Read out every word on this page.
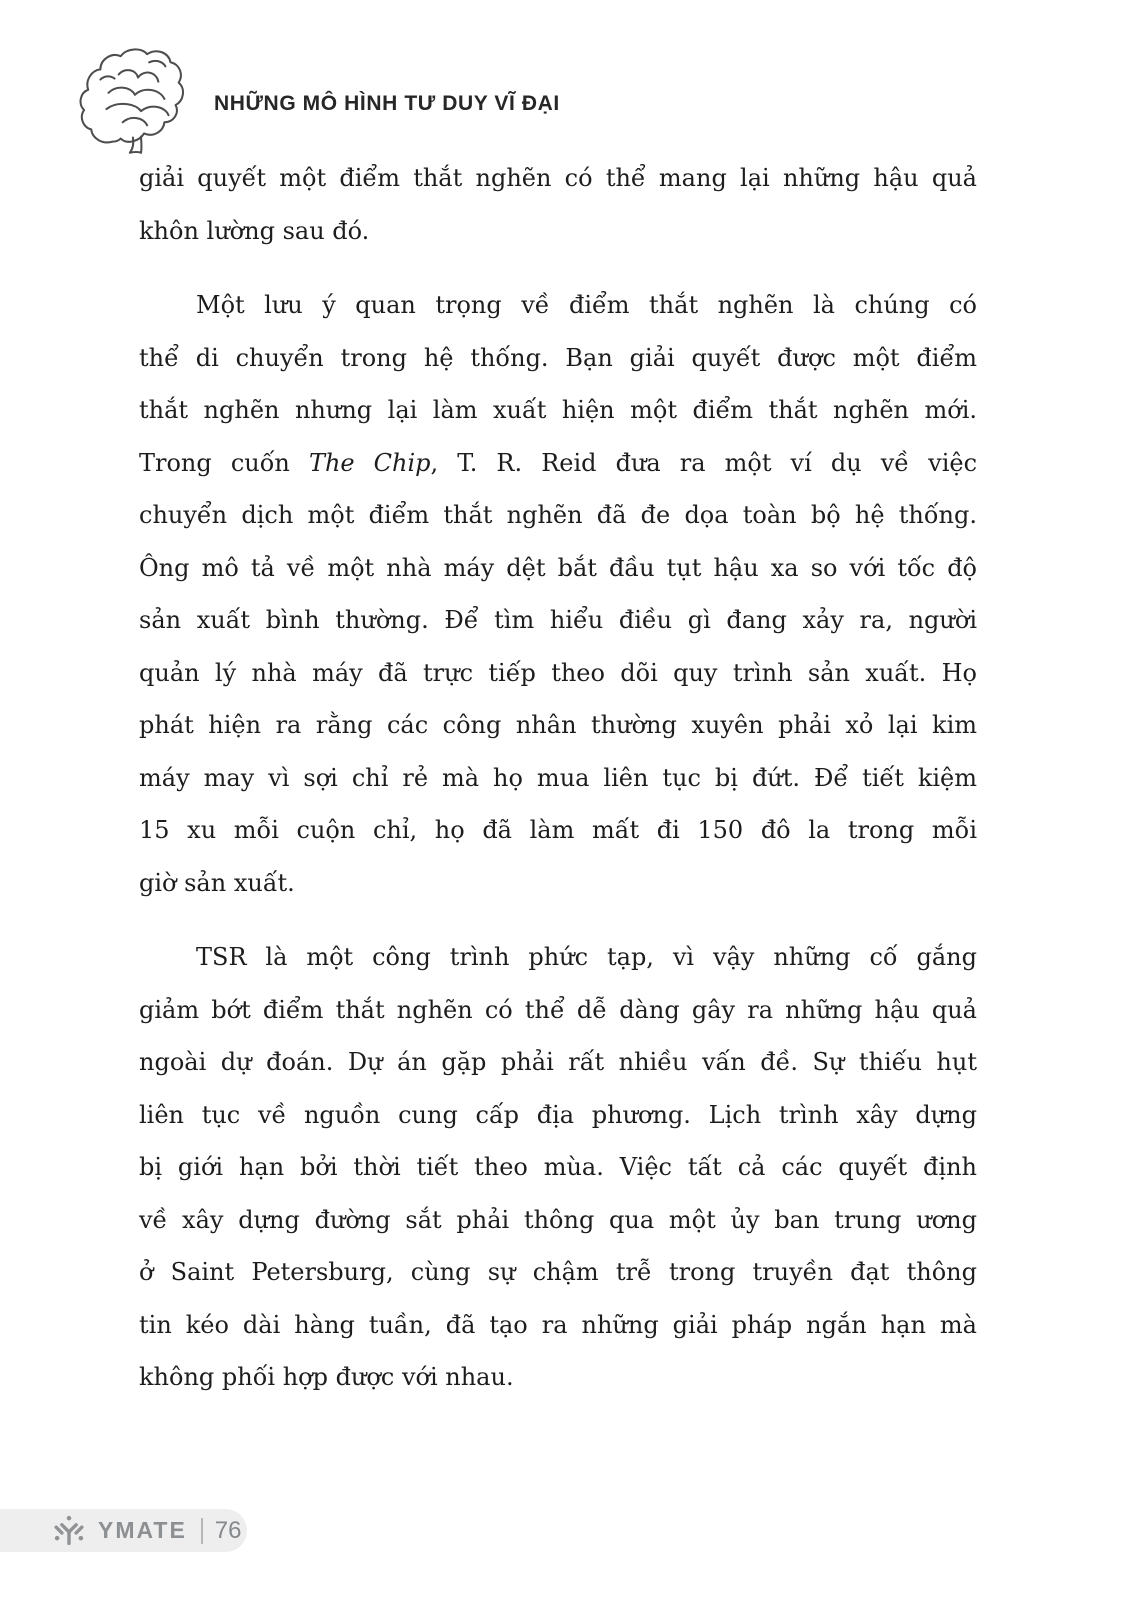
NHỮNG MÔ HÌNH TƯ DUY VĨ ĐẠI
giải quyết một điểm thắt nghẽn có thể mang lại những hậu quả
khôn lường sau đó.
Một lưu ý quan trọng về điểm thắt nghẽn là chúng có
thể di chuyển trong hệ thống. Bạn giải quyết được một điểm
thắt nghẽn nhưng lại làm xuất hiện một điểm thắt nghẽn mới.
Trong cuốn The Chip, T. R. Reid đưa ra một ví dụ về việc
chuyển dịch một điểm thắt nghẽn đã đe dọa toàn bộ hệ thống.
Ông mô tả về một nhà máy dệt bắt đầu tụt hậu xa so với tốc độ
sản xuất bình thường. Để tìm hiểu điều gì đang xảy ra, người
quản lý nhà máy đã trực tiếp theo dõi quy trình sản xuất. Họ
phát hiện ra rằng các công nhân thường xuyên phải xỏ lại kim
máy may vì sợi chỉ rẻ mà họ mua liên tục bị đứt. Để tiết kiệm
15 xu mỗi cuộn chỉ, họ đã làm mất đi 150 đô la trong mỗi
giờ sản xuất.
TSR là một công trình phức tạp, vì vậy những cố gắng
giảm bớt điểm thắt nghẽn có thể dễ dàng gây ra những hậu quả
ngoài dự đoán. Dự án gặp phải rất nhiều vấn đề. Sự thiếu hụt
liên tục về nguồn cung cấp địa phương. Lịch trình xây dựng
bị giới hạn bởi thời tiết theo mùa. Việc tất cả các quyết định
về xây dựng đường sắt phải thông qua một ủy ban trung ương
ở Saint Petersburg, cùng sự chậm trễ trong truyền đạt thông
tin kéo dài hàng tuần, đã tạo ra những giải pháp ngắn hạn mà
không phối hợp được với nhau.
YMATE 76
